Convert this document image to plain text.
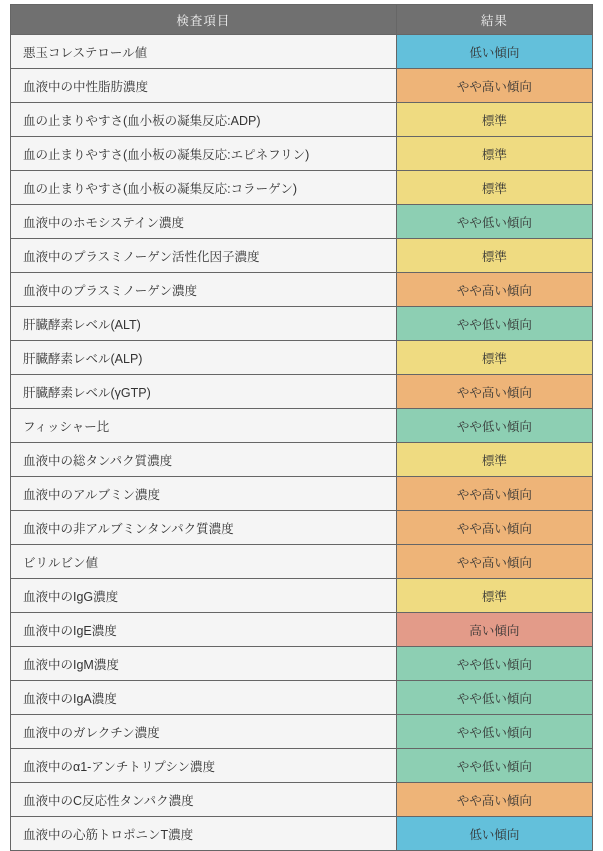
検査項目	結果
悪玉コレステロール値	低い傾向
血液中の中性脂肪濃度	やや高い傾向
血の止まりやすさ(血小板の凝集反応:ADP)	標準
血の止まりやすさ(血小板の凝集反応:エピネフリン)	標準
血の止まりやすさ(血小板の凝集反応:コラーゲン)	標準
血液中のホモシステイン濃度	やや低い傾向
血液中のプラスミノーゲン活性化因子濃度	標準
血液中のプラスミノーゲン濃度	やや高い傾向
肝臓酵素レベル(ALT)	やや低い傾向
肝臓酵素レベル(ALP)	標準
肝臓酵素レベル(γGTP)	やや高い傾向
フィッシャー比	やや低い傾向
血液中の総タンパク質濃度	標準
血液中のアルブミン濃度	やや高い傾向
血液中の非アルブミンタンパク質濃度	やや高い傾向
ビリルビン値	やや高い傾向
血液中のIgG濃度	標準
血液中のIgE濃度	高い傾向
血液中のIgM濃度	やや低い傾向
血液中のIgA濃度	やや低い傾向
血液中のガレクチン濃度	やや低い傾向
血液中のα1-アンチトリプシン濃度	やや低い傾向
血液中のC反応性タンパク濃度	やや高い傾向
血液中の心筋トロポニンT濃度	低い傾向
